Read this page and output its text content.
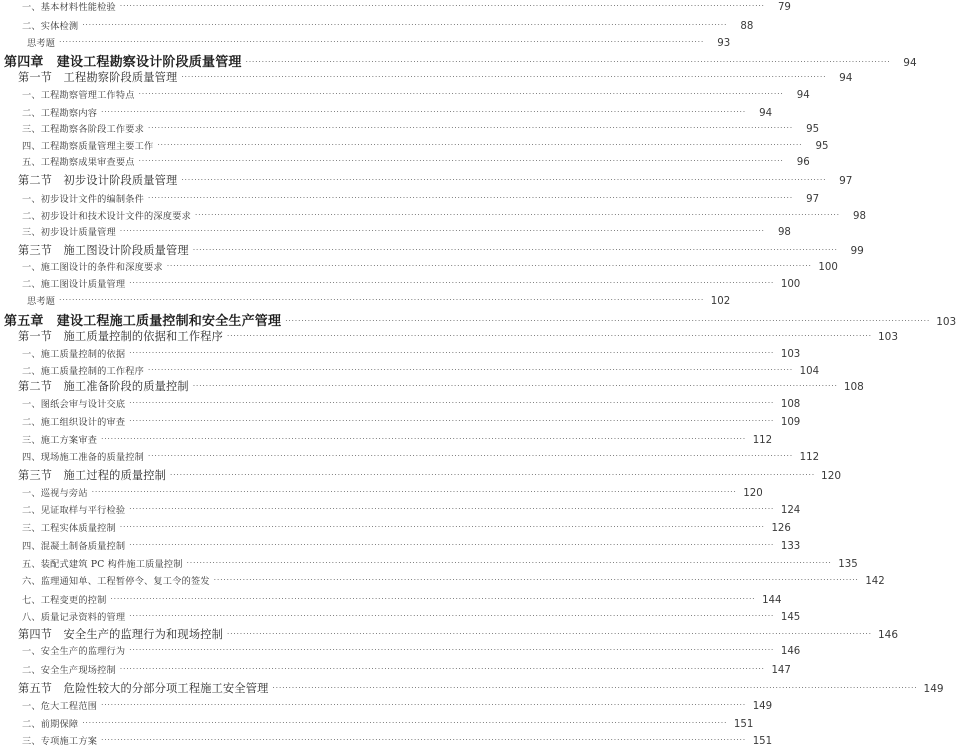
一、基本材料性能检验 ········································································································································································································	79
二、实体检测 ········································································································································································································	88
思考题 ········································································································································································································	93
第四章　建设工程勘察设计阶段质量管理 ········································································································································································································	94
第一节　工程勘察阶段质量管理 ········································································································································································································	94
一、工程勘察管理工作特点 ········································································································································································································	94
二、工程勘察内容 ········································································································································································································	94
三、工程勘察各阶段工作要求 ········································································································································································································	95
四、工程勘察质量管理主要工作 ········································································································································································································	95
五、工程勘察成果审查要点 ········································································································································································································	96
第二节　初步设计阶段质量管理 ········································································································································································································	97
一、初步设计文件的编制条件 ········································································································································································································	97
二、初步设计和技术设计文件的深度要求 ········································································································································································································	98
三、初步设计质量管理 ········································································································································································································	98
第三节　施工图设计阶段质量管理 ········································································································································································································	99
一、施工图设计的条件和深度要求 ········································································································································································································ 100
二、施工图设计质量管理 ········································································································································································································ 100
思考题 ········································································································································································································ 102
第五章　建设工程施工质量控制和安全生产管理 ········································································································································································································ 103
第一节　施工质量控制的依据和工作程序 ········································································································································································································ 103
一、施工质量控制的依据 ········································································································································································································ 103
二、施工质量控制的工作程序 ········································································································································································································ 104
第二节　施工准备阶段的质量控制 ········································································································································································································ 108
一、图纸会审与设计交底 ········································································································································································································ 108
二、施工组织设计的审查 ········································································································································································································ 109
三、施工方案审查 ········································································································································································································ 112
四、现场施工准备的质量控制 ········································································································································································································ 112
第三节　施工过程的质量控制 ········································································································································································································ 120
一、巡视与旁站 ········································································································································································································ 120
二、见证取样与平行检验 ········································································································································································································ 124
三、工程实体质量控制 ········································································································································································································ 126
四、混凝土制备质量控制 ········································································································································································································ 133
五、装配式建筑 PC 构件施工质量控制 ········································································································································································································ 135
六、监理通知单、工程暂停令、复工令的签发 ········································································································································································································ 142
七、工程变更的控制 ········································································································································································································ 144
八、质量记录资料的管理 ········································································································································································································ 145
第四节　安全生产的监理行为和现场控制 ········································································································································································································ 146
一、安全生产的监理行为 ········································································································································································································ 146
二、安全生产现场控制 ········································································································································································································ 147
第五节　危险性较大的分部分项工程施工安全管理 ········································································································································································································ 149
一、危大工程范围 ········································································································································································································ 149
二、前期保障 ········································································································································································································ 151
三、专项施工方案 ········································································································································································································ 151
